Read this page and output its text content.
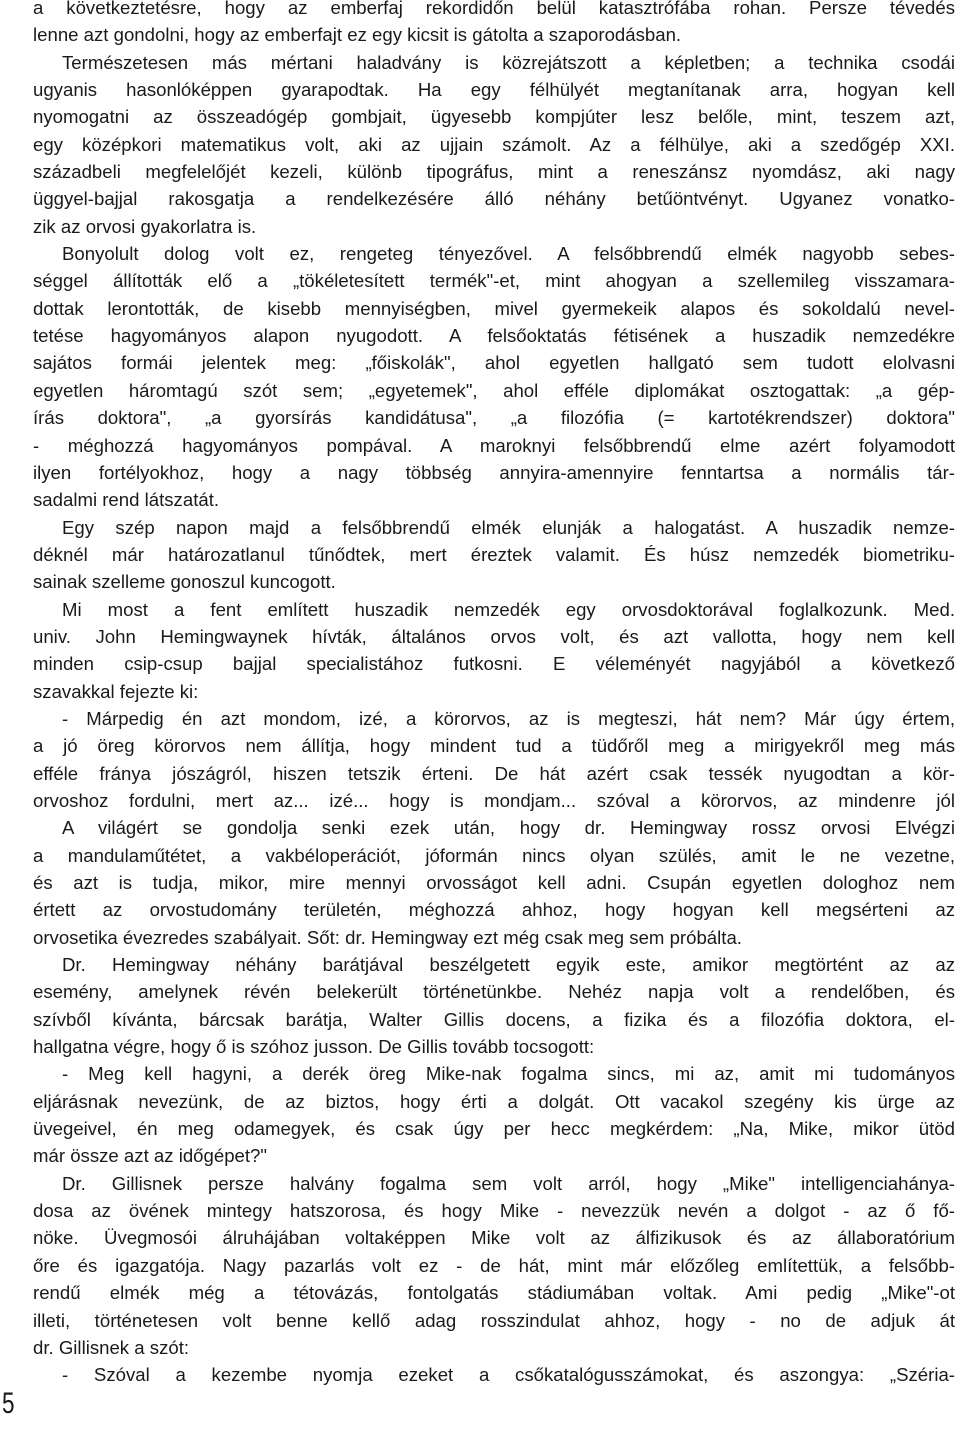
a következtetésre, hogy az emberfaj rekordidőn belül katasztrófába rohan. Persze tévedés
lenne azt gondolni, hogy az emberfajt ez egy kicsit is gátolta a szaporodásban.
Természetesen más mértani haladvány is közrejátszott a képletben; a technika csodái
ugyanis hasonlóképpen gyarapodtak. Ha egy félhülyét megtanítanak arra, hogyan kell
nyomogatni az összeadógép gombjait, ügyesebb kompjúter lesz belőle, mint, teszem azt,
egy középkori matematikus volt, aki az ujjain számolt. Az a félhülye, aki a szedőgép XXI.
századbeli megfelelőjét kezeli, különb tipográfus, mint a reneszánsz nyomdász, aki nagy
üggyel-bajjal rakosgatja a rendelkezésére álló néhány betűöntvényt. Ugyanez vonatko-
zik az orvosi gyakorlatra is.
Bonyolult dolog volt ez, rengeteg tényezővel. A felsőbbrendű elmék nagyobb sebes-
séggel állították elő a „tökéletesített termék"-et, mint ahogyan a szellemileg visszamara-
dottak lerontották, de kisebb mennyiségben, mivel gyermekeik alapos és sokoldalú nevel-
tetése hagyományos alapon nyugodott. A felsőoktatás fétisének a huszadik nemzedékre
sajátos formái jelentek meg: „főiskolák", ahol egyetlen hallgató sem tudott elolvasni
egyetlen háromtagú szót sem; „egyetemek", ahol efféle diplomákat osztogattak: „a gép-
írás doktora", „a gyorsírás kandidátusa", „a filozófia (= kartotékrendszer) doktora"
- méghozzá hagyományos pompával. A maroknyi felsőbbrendű elme azért folyamodott
ilyen fortélyokhoz, hogy a nagy többség annyira-amennyire fenntartsa a normális tár-
sadalmi rend látszatát.
Egy szép napon majd a felsőbbrendű elmék elunják a halogatást. A huszadik nemze-
déknél már határozatlanul tűnődtek, mert éreztek valamit. És húsz nemzedék biometriku-
sainak szelleme gonoszul kuncogott.
Mi most a fent említett huszadik nemzedék egy orvosdoktorával foglalkozunk. Med.
univ. John Hemingwaynek hívták, általános orvos volt, és azt vallotta, hogy nem kell
minden csip-csup bajjal specialistához futkosni. E véleményét nagyjából a következő
szavakkal fejezte ki:
- Márpedig én azt mondom, izé, a körorvos, az is megteszi, hát nem? Már úgy értem,
a jó öreg körorvos nem állítja, hogy mindent tud a tüdőről meg a mirigyekről meg más
efféle fránya jószágról, hiszen tetszik érteni. De hát azért csak tessék nyugodtan a kör-
orvoshoz fordulni, mert az... izé... hogy is mondjam... szóval a körorvos, az mindenre jól
A világért se gondolja senki ezek után, hogy dr. Hemingway rossz orvosi Elvégzi
a mandulaműtétet, a vakbéloperációt, jóformán nincs olyan szülés, amit le ne vezetne,
és azt is tudja, mikor, mire mennyi orvosságot kell adni. Csupán egyetlen dologhoz nem
értett az orvostudomány területén, méghozzá ahhoz, hogy hogyan kell megsérteni az
orvosetika évezredes szabályait. Sőt: dr. Hemingway ezt még csak meg sem próbálta.
Dr. Hemingway néhány barátjával beszélgetett egyik este, amikor megtörtént az az
esemény, amelynek révén belekerült történetünkbe. Nehéz napja volt a rendelőben, és
szívből kívánta, bárcsak barátja, Walter Gillis docens, a fizika és a filozófia doktora, el-
hallgatna végre, hogy ő is szóhoz jusson. De Gillis tovább tocsogott:
- Meg kell hagyni, a derék öreg Mike-nak fogalma sincs, mi az, amit mi tudományos
eljárásnak nevezünk, de az biztos, hogy érti a dolgát. Ott vacakol szegény kis ürge az
üvegeivel, én meg odamegyek, és csak úgy per hecc megkérdem: „Na, Mike, mikor ütöd
már össze azt az időgépet?"
Dr. Gillisnek persze halvány fogalma sem volt arról, hogy „Mike" intelligenciahánya-
dosa az övének mintegy hatszorosa, és hogy Mike - nevezzük nevén a dolgot - az ő fő-
nöke. Üvegmosói álruhájában voltaképpen Mike volt az álfizikusok és az állaboratórium
őre és igazgatója. Nagy pazarlás volt ez - de hát, mint már előzőleg említettük, a felsőbb-
rendű elmék még a tétovázás, fontolgatás stádiumában voltak. Ami pedig „Mike"-ot
illeti, történetesen volt benne kellő adag rosszindulat ahhoz, hogy - no de adjuk át
dr. Gillisnek a szót:
- Szóval a kezembe nyomja ezeket a csőkatalógusszámokat, és aszongya: „Széria-
5
